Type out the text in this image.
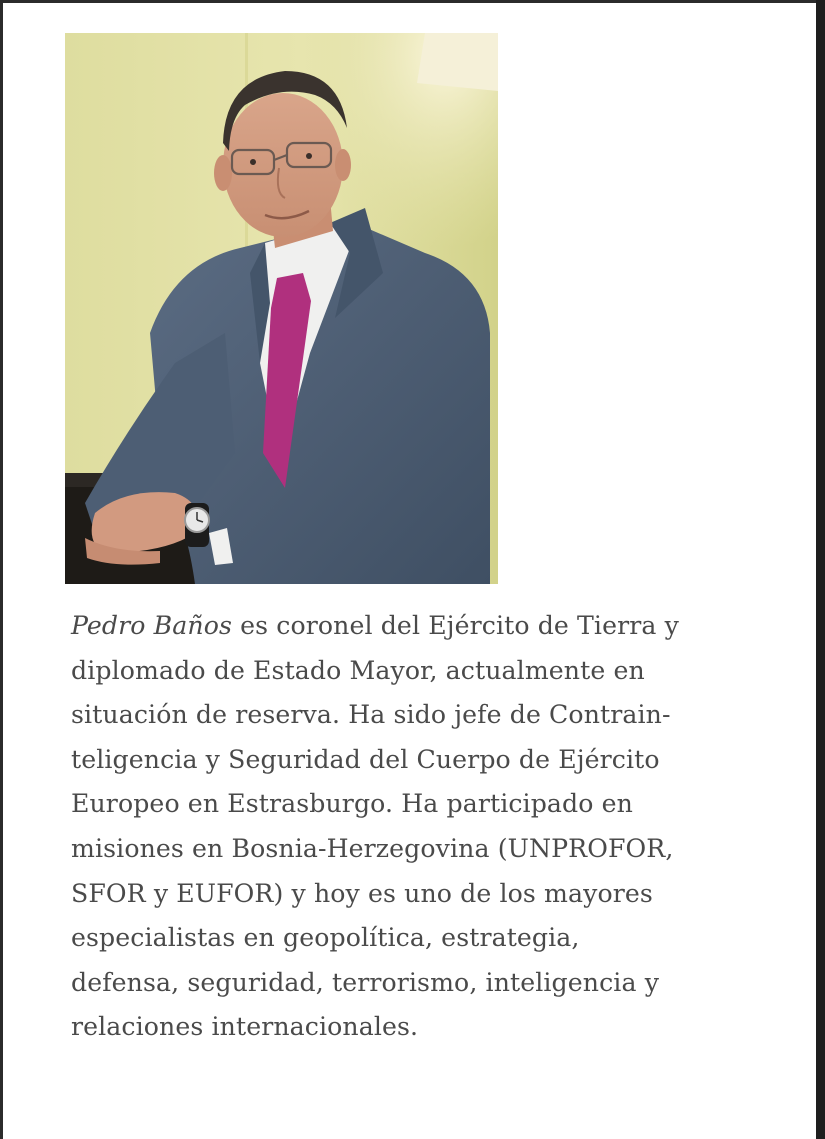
Pedro Baños es coronel del Ejército de Tierra y
diplomado de Estado Mayor, actualmente en
situación de reserva. Ha sido jefe de Contrain-
teligencia y Seguridad del Cuerpo de Ejército
Europeo en Estrasburgo. Ha participado en
misiones en Bosnia-Herzegovina (UNPROFOR,
SFOR y EUFOR) y hoy es uno de los mayores
especialistas en geopolítica, estrategia,
defensa, seguridad, terrorismo, inteligencia y
relaciones internacionales.
